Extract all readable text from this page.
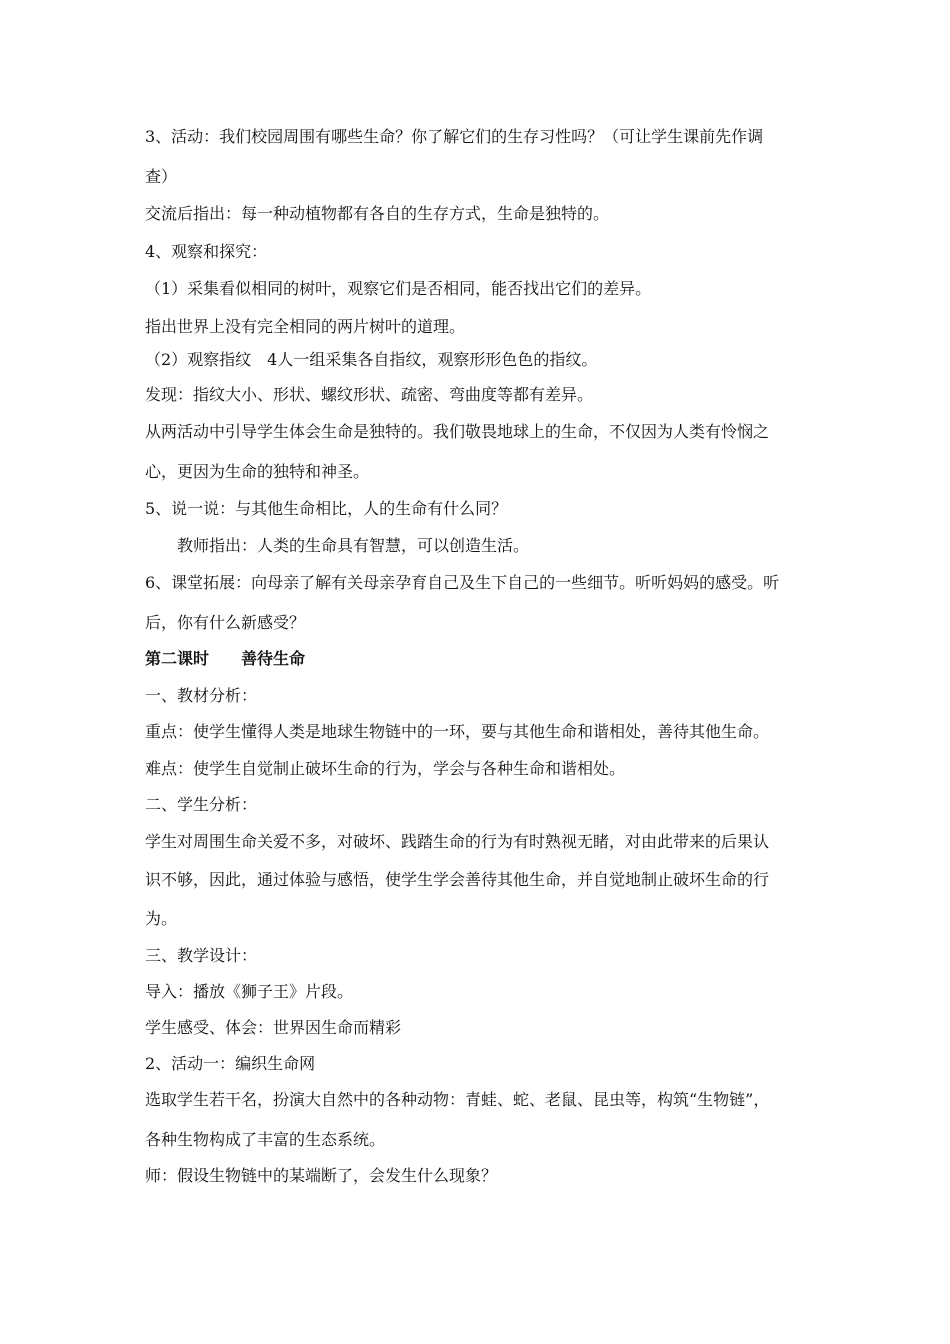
3、活动：我们校园周围有哪些生命？你了解它们的生存习性吗？（可让学生课前先作调
查）
交流后指出：每一种动植物都有各自的生存方式，生命是独特的。
4、观察和探究：
（1）采集看似相同的树叶，观察它们是否相同，能否找出它们的差异。
指出世界上没有完全相同的两片树叶的道理。
（2）观察指纹　4人一组采集各自指纹，观察形形色色的指纹。
发现：指纹大小、形状、螺纹形状、疏密、弯曲度等都有差异。
从两活动中引导学生体会生命是独特的。我们敬畏地球上的生命，不仅因为人类有怜悯之
心，更因为生命的独特和神圣。
5、说一说：与其他生命相比，人的生命有什么同？
　　教师指出：人类的生命具有智慧，可以创造生活。
6、课堂拓展：向母亲了解有关母亲孕育自己及生下自己的一些细节。听听妈妈的感受。听
后，你有什么新感受？
第二课时　　善待生命
一、教材分析：
重点：使学生懂得人类是地球生物链中的一环，要与其他生命和谐相处，善待其他生命。
难点：使学生自觉制止破坏生命的行为，学会与各种生命和谐相处。
二、学生分析：
学生对周围生命关爱不多，对破坏、践踏生命的行为有时熟视无睹，对由此带来的后果认
识不够，因此，通过体验与感悟，使学生学会善待其他生命，并自觉地制止破坏生命的行
为。
三、教学设计：
导入：播放《狮子王》片段。
学生感受、体会：世界因生命而精彩
2、活动一：编织生命网
选取学生若干名，扮演大自然中的各种动物：青蛙、蛇、老鼠、昆虫等，构筑“生物链”，
各种生物构成了丰富的生态系统。
师：假设生物链中的某端断了，会发生什么现象？
